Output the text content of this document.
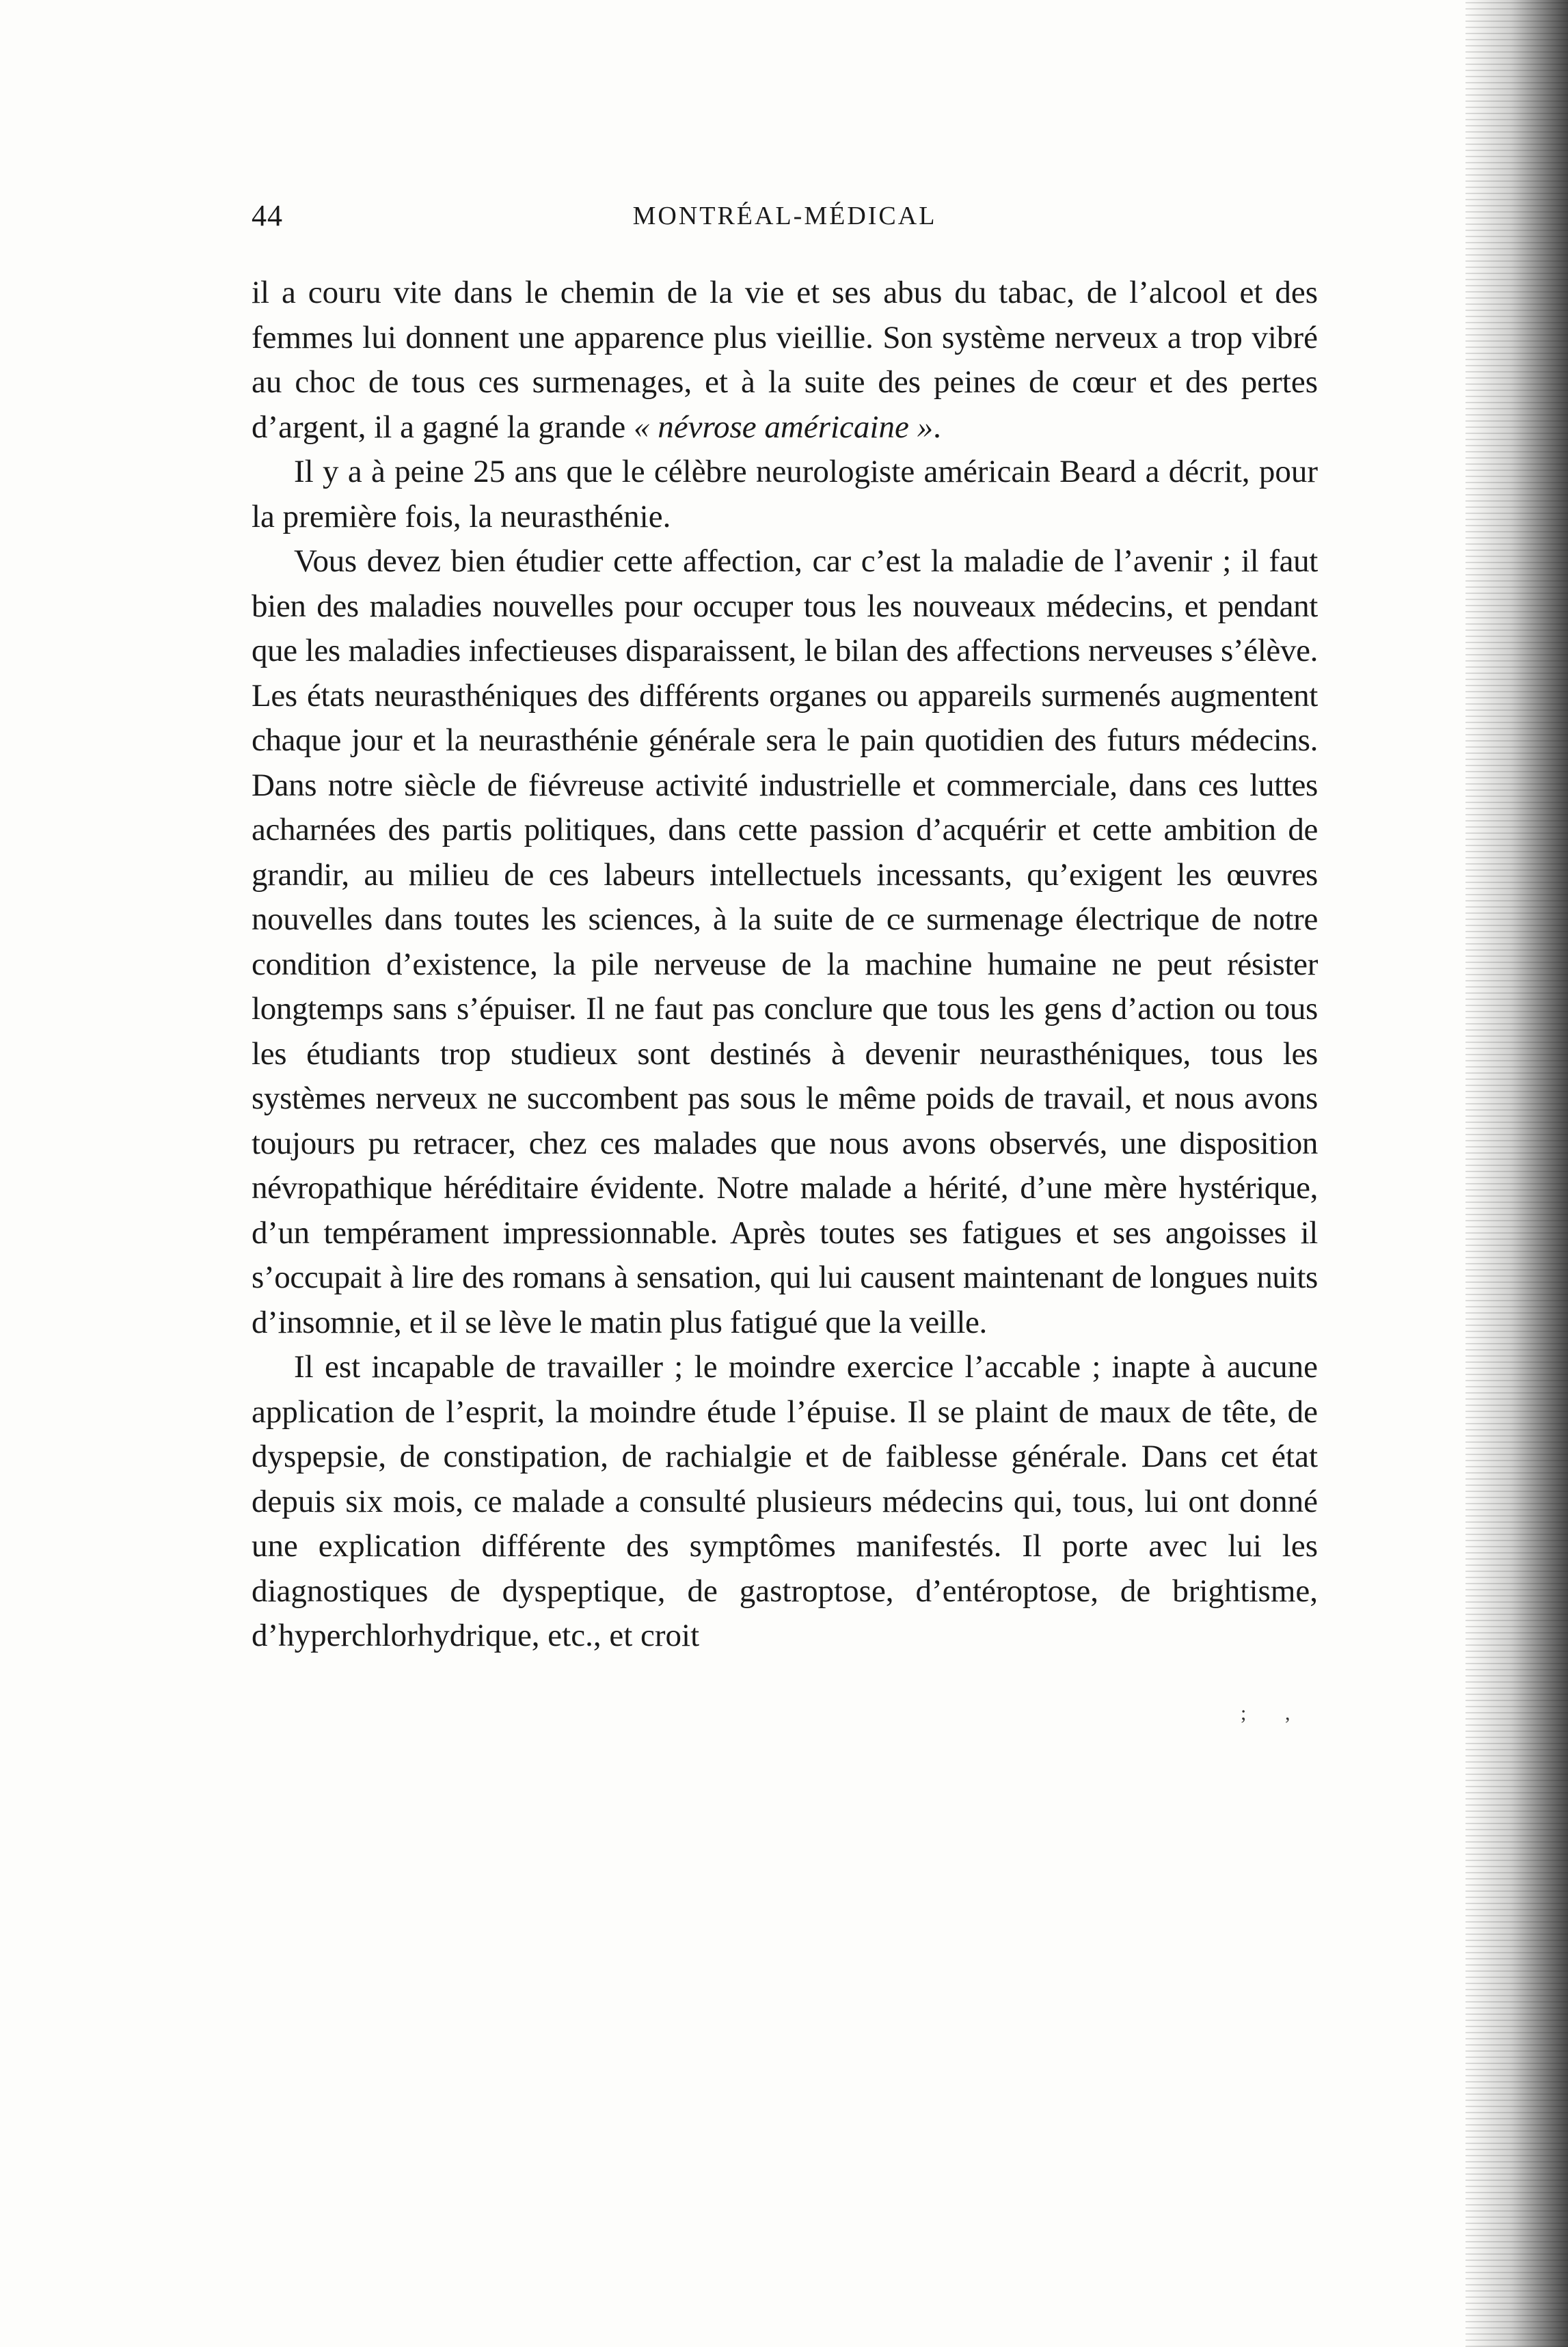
44	MONTRÉAL-MÉDICAL

il a couru vite dans le chemin de la vie et ses abus du tabac, de l’alcool et des femmes lui donnent une apparence plus vieillie. Son système nerveux a trop vibré au choc de tous ces surmenages, et à la suite des peines de cœur et des pertes d’argent, il a gagné la grande « névrose américaine ».

Il y a à peine 25 ans que le célèbre neurologiste américain Beard a décrit, pour la première fois, la neurasthénie.

Vous devez bien étudier cette affection, car c’est la maladie de l’avenir ; il faut bien des maladies nouvelles pour occuper tous les nouveaux médecins, et pendant que les maladies infectieuses disparaissent, le bilan des affections nerveuses s’élève. Les états neurasthéniques des différents organes ou appareils surmenés augmentent chaque jour et la neurasthénie générale sera le pain quotidien des futurs médecins. Dans notre siècle de fiévreuse activité industrielle et commerciale, dans ces luttes acharnées des partis politiques, dans cette passion d’acquérir et cette ambition de grandir, au milieu de ces labeurs intellectuels incessants, qu’exigent les œuvres nouvelles dans toutes les sciences, à la suite de ce surmenage électrique de notre condition d’existence, la pile nerveuse de la machine humaine ne peut résister longtemps sans s’épuiser. Il ne faut pas conclure que tous les gens d’action ou tous les étudiants trop studieux sont destinés à devenir neurasthéniques, tous les systèmes nerveux ne succombent pas sous le même poids de travail, et nous avons toujours pu retracer, chez ces malades que nous avons observés, une disposition névropathique héréditaire évidente. Notre malade a hérité, d’une mère hystérique, d’un tempérament impressionnable. Après toutes ses fatigues et ses angoisses il s’occupait à lire des romans à sensation, qui lui causent maintenant de longues nuits d’insomnie, et il se lève le matin plus fatigué que la veille.

Il est incapable de travailler ; le moindre exercice l’accable ; inapte à aucune application de l’esprit, la moindre étude l’épuise. Il se plaint de maux de tête, de dyspepsie, de constipation, de rachialgie et de faiblesse générale. Dans cet état depuis six mois, ce malade a consulté plusieurs médecins qui, tous, lui ont donné une explication différente des symptômes manifestés. Il porte avec lui les diagnostiques de dyspeptique, de gastroptose, d’entéroptose, de brightisme, d’hyperchlorhydrique, etc., et croit

; ,
